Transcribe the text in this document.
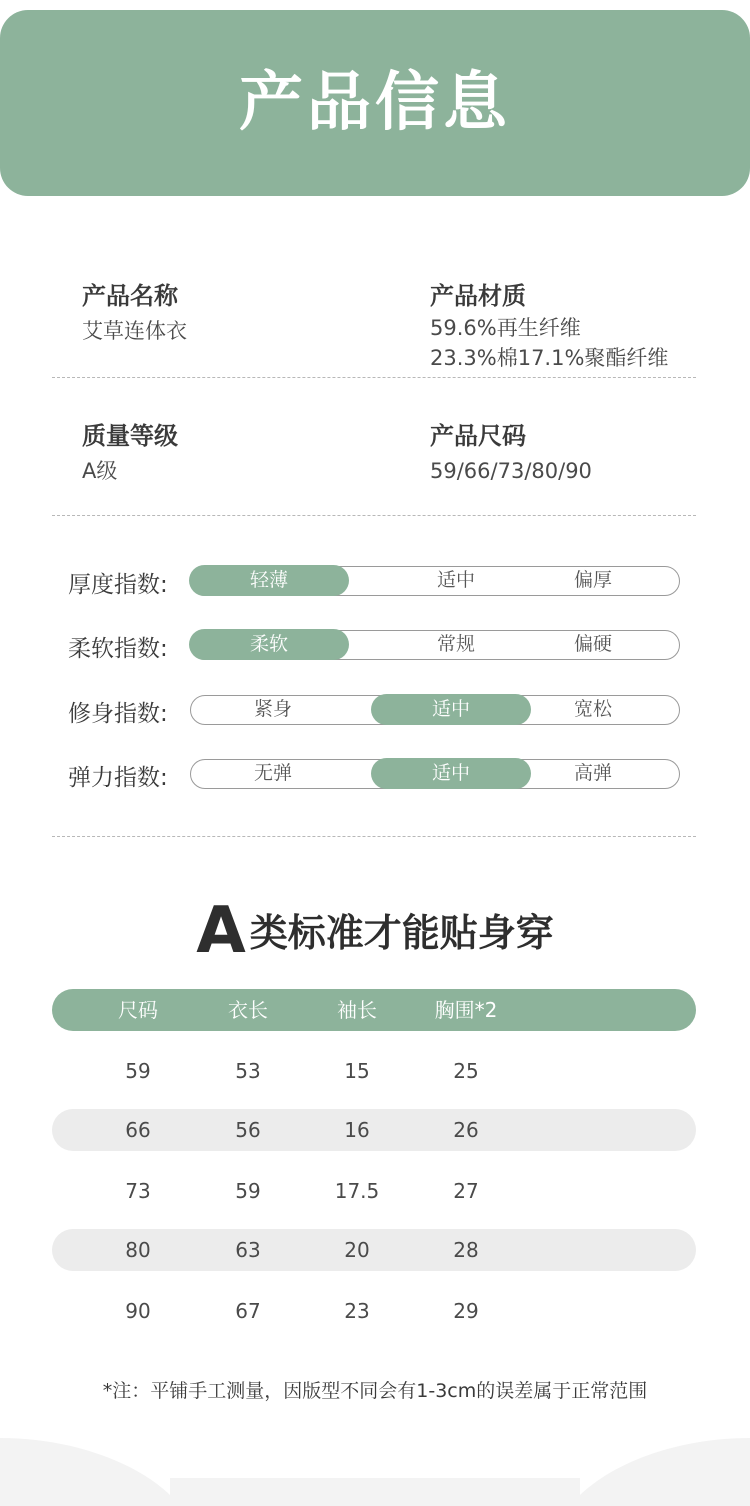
产品信息
产品名称
艾草连体衣
产品材质
59.6%再生纤维
23.3%棉17.1%聚酯纤维
质量等级
A级
产品尺码
59/66/73/80/90
厚度指数:	轻薄	适中	偏厚
柔软指数:	柔软	常规	偏硬
修身指数:	紧身	适中	宽松
弹力指数:	无弹	适中	高弹
A类标准才能贴身穿
尺码	衣长	袖长	胸围*2
59	53	15	25
66	56	16	26
73	59	17.5	27
80	63	20	28
90	67	23	29
*注：平铺手工测量，因版型不同会有1-3cm的误差属于正常范围
